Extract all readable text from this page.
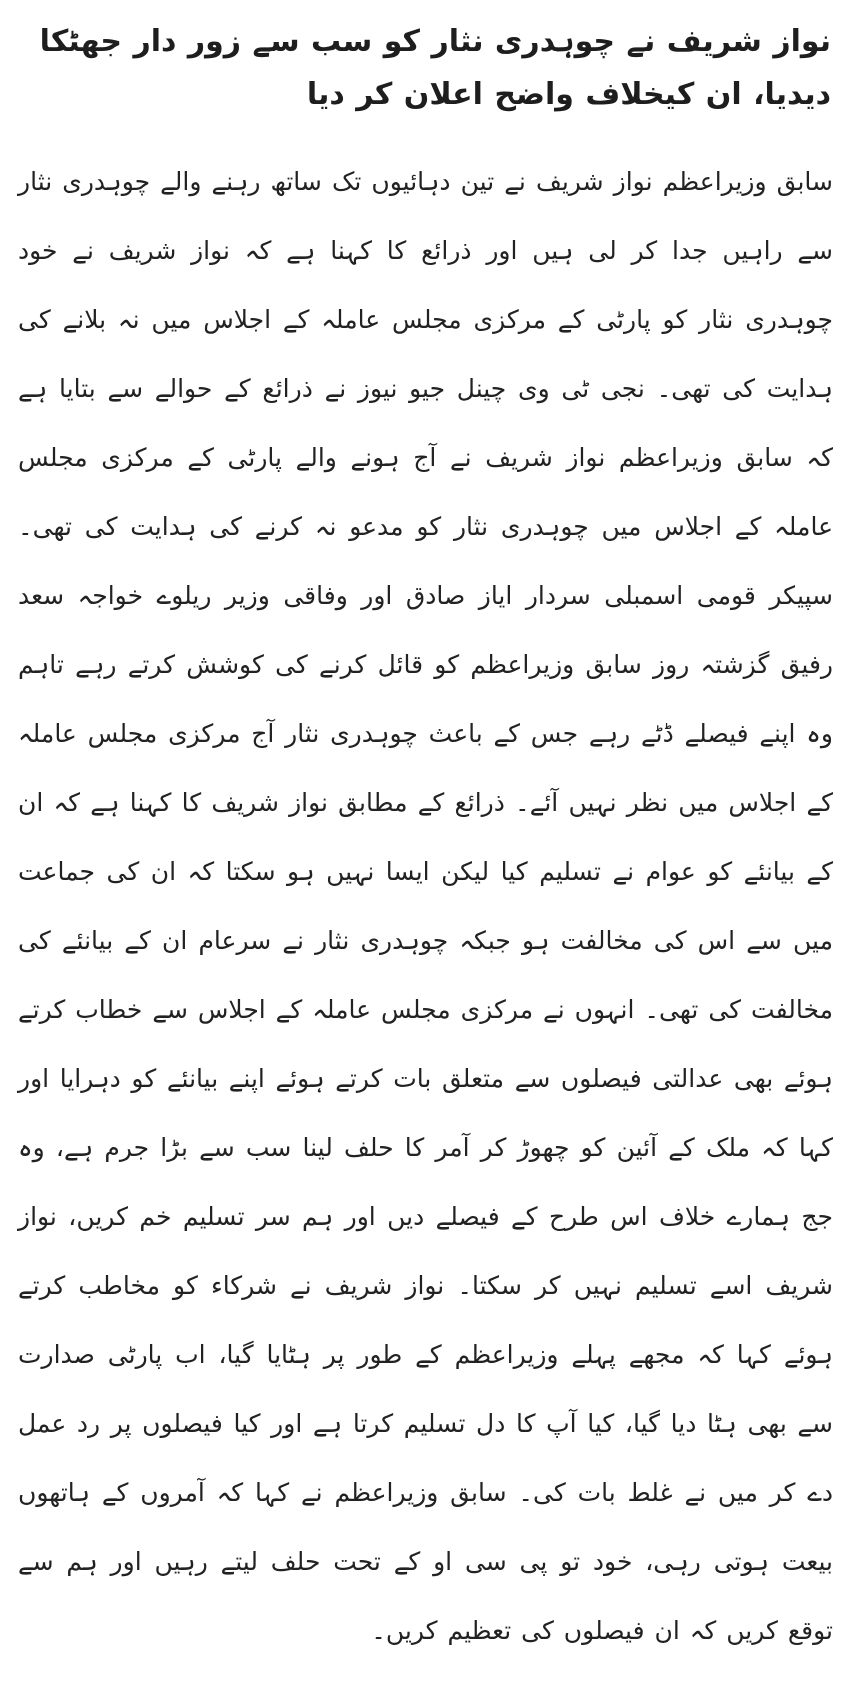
نواز شریف نے چوہدری نثار کو سب سے زور دار جھٹکا دیدیا، ان کیخلاف واضح اعلان کر دیا

سابق وزیراعظم نواز شریف نے تین دہائیوں تک ساتھ رہنے والے چوہدری نثار سے راہیں جدا کر لی ہیں اور ذرائع کا کہنا ہے کہ نواز شریف نے خود چوہدری نثار کو پارٹی کے مرکزی مجلس عاملہ کے اجلاس میں نہ بلانے کی ہدایت کی تھی۔ نجی ٹی وی چینل جیو نیوز نے ذرائع کے حوالے سے بتایا ہے کہ سابق وزیراعظم نواز شریف نے آج ہونے والے پارٹی کے مرکزی مجلس عاملہ کے اجلاس میں چوہدری نثار کو مدعو نہ کرنے کی ہدایت کی تھی۔ سپیکر قومی اسمبلی سردار ایاز صادق اور وفاقی وزیر ریلوے خواجہ سعد رفیق گزشتہ روز سابق وزیراعظم کو قائل کرنے کی کوشش کرتے رہے تاہم وہ اپنے فیصلے ڈٹے رہے جس کے باعث چوہدری نثار آج مرکزی مجلس عاملہ کے اجلاس میں نظر نہیں آئے۔ ذرائع کے مطابق نواز شریف کا کہنا ہے کہ ان کے بیانئے کو عوام نے تسلیم کیا لیکن ایسا نہیں ہو سکتا کہ ان کی جماعت میں سے اس کی مخالفت ہو جبکہ چوہدری نثار نے سرعام ان کے بیانئے کی مخالفت کی تھی۔ انہوں نے مرکزی مجلس عاملہ کے اجلاس سے خطاب کرتے ہوئے بھی عدالتی فیصلوں سے متعلق بات کرتے ہوئے اپنے بیانئے کو دہرایا اور کہا کہ ملک کے آئین کو چھوڑ کر آمر کا حلف لینا سب سے بڑا جرم ہے، وہ جج ہمارے خلاف اس طرح کے فیصلے دیں اور ہم سر تسلیم خم کریں، نواز شریف اسے تسلیم نہیں کر سکتا۔ نواز شریف نے شرکاء کو مخاطب کرتے ہوئے کہا کہ مجھے پہلے وزیراعظم کے طور پر ہٹایا گیا، اب پارٹی صدارت سے بھی ہٹا دیا گیا، کیا آپ کا دل تسلیم کرتا ہے اور کیا فیصلوں پر رد عمل دے کر میں نے غلط بات کی۔ سابق وزیراعظم نے کہا کہ آمروں کے ہاتھوں بیعت ہوتی رہی، خود تو پی سی او کے تحت حلف لیتے رہیں اور ہم سے توقع کریں کہ ان فیصلوں کی تعظیم کریں۔
